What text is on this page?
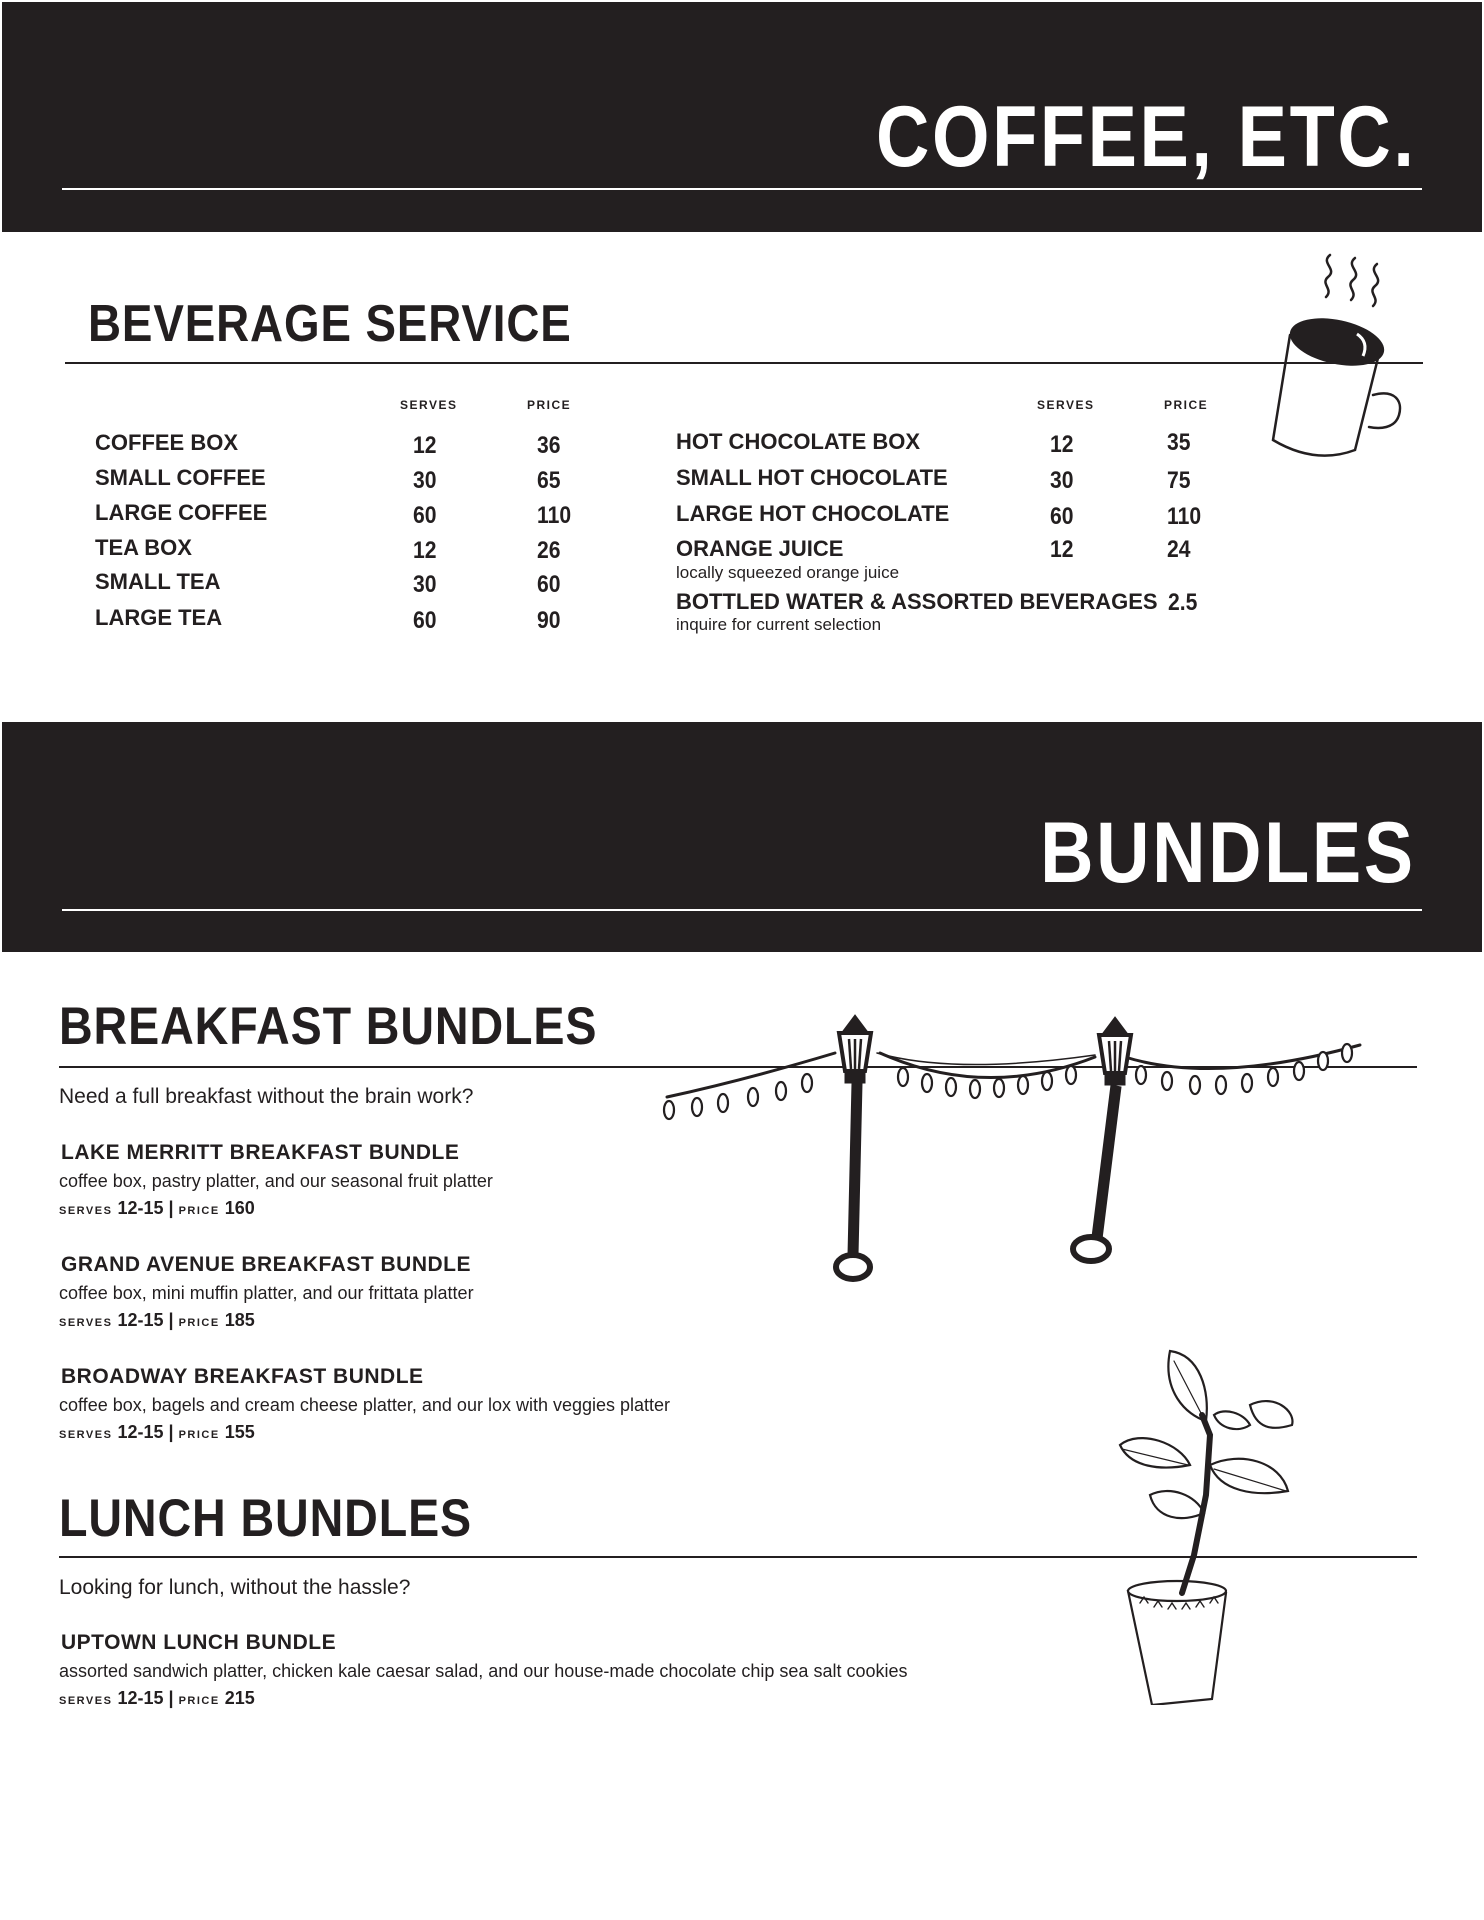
COFFEE, ETC.
BEVERAGE SERVICE
SERVES	PRICE	SERVES	PRICE
COFFEE BOX	12	36
SMALL COFFEE	30	65
LARGE COFFEE	60	110
TEA BOX	12	26
SMALL TEA	30	60
LARGE TEA	60	90
HOT CHOCOLATE BOX	12	35
SMALL HOT CHOCOLATE	30	75
LARGE HOT CHOCOLATE	60	110
ORANGE JUICE	12	24
locally squeezed orange juice
BOTTLED WATER & ASSORTED BEVERAGES 2.5
inquire for current selection
BUNDLES
BREAKFAST BUNDLES
Need a full breakfast without the brain work?
LAKE MERRITT BREAKFAST BUNDLE
coffee box, pastry platter, and our seasonal fruit platter
SERVES 12-15 | PRICE 160
GRAND AVENUE BREAKFAST BUNDLE
coffee box, mini muffin platter, and our frittata platter
SERVES 12-15 | PRICE 185
BROADWAY BREAKFAST BUNDLE
coffee box, bagels and cream cheese platter, and our lox with veggies platter
SERVES 12-15 | PRICE 155
LUNCH BUNDLES
Looking for lunch, without the hassle?
UPTOWN LUNCH BUNDLE
assorted sandwich platter, chicken kale caesar salad, and our house-made chocolate chip sea salt cookies
SERVES 12-15 | PRICE 215
